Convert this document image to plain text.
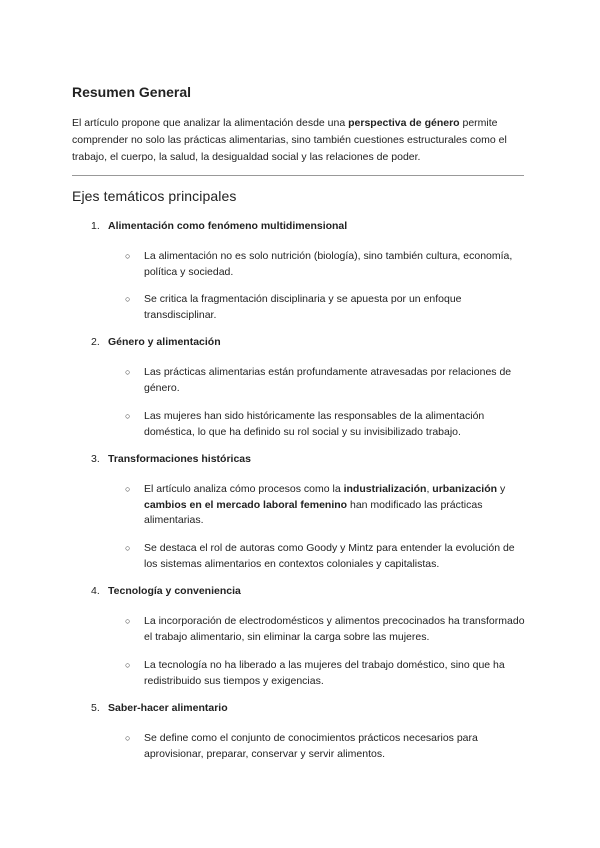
Resumen General

El artículo propone que analizar la alimentación desde una perspectiva de género permite comprender no solo las prácticas alimentarias, sino también cuestiones estructurales como el trabajo, el cuerpo, la salud, la desigualdad social y las relaciones de poder.

Ejes temáticos principales

1. Alimentación como fenómeno multidimensional

○ La alimentación no es solo nutrición (biología), sino también cultura, economía, política y sociedad.
○ Se critica la fragmentación disciplinaria y se apuesta por un enfoque transdisciplinar.

2. Género y alimentación

○ Las prácticas alimentarias están profundamente atravesadas por relaciones de género.
○ Las mujeres han sido históricamente las responsables de la alimentación doméstica, lo que ha definido su rol social y su invisibilizado trabajo.

3. Transformaciones históricas

○ El artículo analiza cómo procesos como la industrialización, urbanización y cambios en el mercado laboral femenino han modificado las prácticas alimentarias.
○ Se destaca el rol de autoras como Goody y Mintz para entender la evolución de los sistemas alimentarios en contextos coloniales y capitalistas.

4. Tecnología y conveniencia

○ La incorporación de electrodomésticos y alimentos precocinados ha transformado el trabajo alimentario, sin eliminar la carga sobre las mujeres.
○ La tecnología no ha liberado a las mujeres del trabajo doméstico, sino que ha redistribuido sus tiempos y exigencias.

5. Saber-hacer alimentario

○ Se define como el conjunto de conocimientos prácticos necesarios para aprovisionar, preparar, conservar y servir alimentos.
